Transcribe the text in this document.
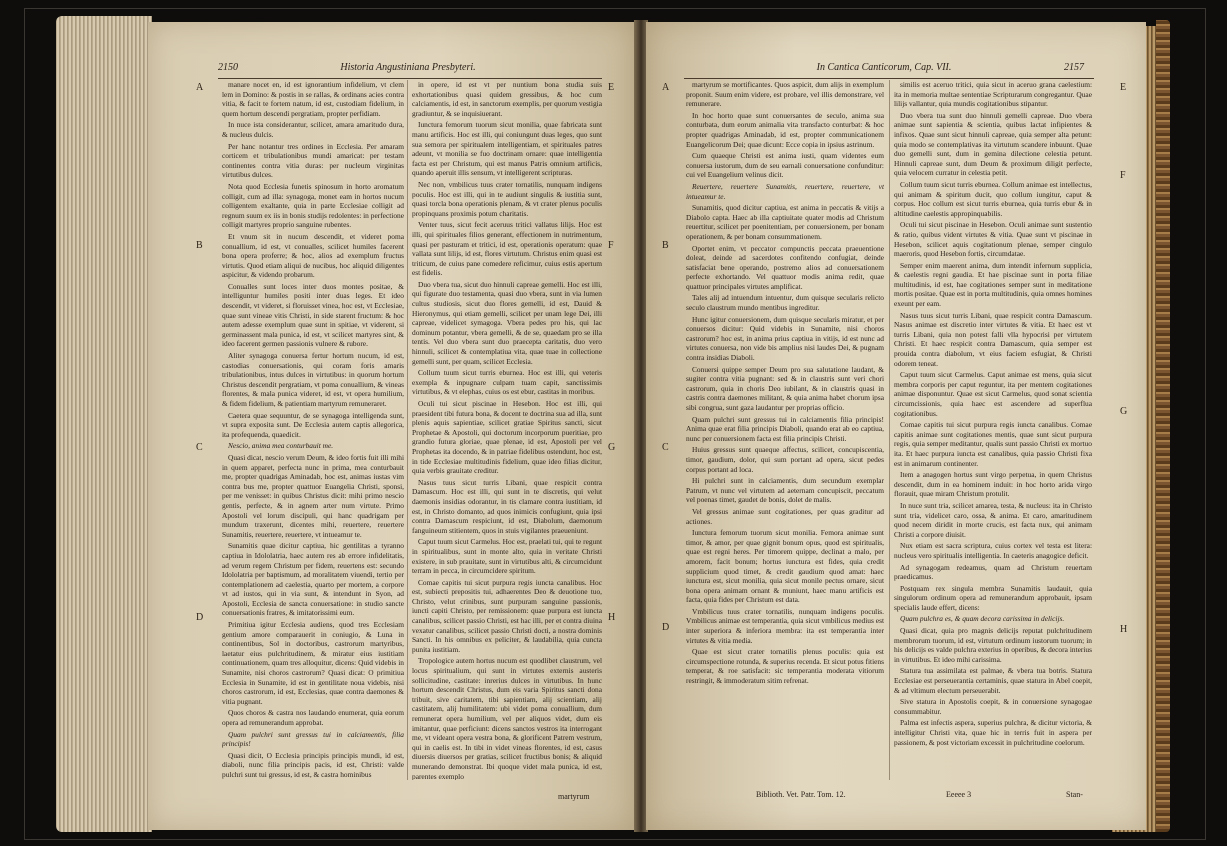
2150	Historia Angustiniana Presbyteri.
A
B
C
D
E
F
G
H

manare nocet en, id est ignorantium infidelium, vt clem lem in Domino: & postis in se rallas, & ordinans acies contra vitia, & facit te fortem natum, id est, custodiam fidelium, in quem hortum descendi pergratiam, propter perfidiam.

In nuce ista considerantur, scilicet, amara amaritudo dura, & nucleus dulcis.

Per hanc notantur tres ordines in Ecclesia. Per amaram corticem et tribulationibus mundi amaricat: per testam continentes contra vitia duras: per nucleum virginitas virtutibus dulces.

Nota quod Ecclesia funetis spinosum in horto aromatum colligit, cum ad illa: synagoga, monet eam in hortos nucum colligentem exaltante, quia in parte Ecclesiae colligit ad regnum suum ex iis in bonis studijs redolentes: in perfectione colligit martyres proprio sanguine rubentes.

Et vnum sit in nucum descendit, et videret poma conuallium, id est, vt conualles, scilicet humiles facerent bona opera proferre; & hoc, alios ad exemplum fructus virtutis. Quod etiam aliqui de nucibus, hoc aliquid diligentes aspicitur, & videndo probarum.

Conualles sunt loces inter duos montes positae, & intelliguntur humiles positi inter duas leges. Et ideo descendit, vt videret, si floruisset vinea, hoc est, vt Ecclesiae, quae sunt vineae vitis Christi, in side starent fructum: & hoc autem adesse exemplum quae sunt in spitiae, vt viderent, si germinassent mala punica, id est, vt scilicet martyres sint, & ideo facerent germen passionis vulnere & rubore.

Aliter synagoga conuersa fertur hortum nucum, id est, castodias conuersationis, qui coram foris amaris tribulationibus, intus dulces in virtutibus: in quorum hortum Christus descendit pergratiam, vt poma conuallium, & vineas florentes, & mala punica videret, id est, vt opera humilium, & fidem fidelium, & patientiam martyrum remuneraret.

Caetera quae sequuntur, de se synagoga intelligenda sunt, vt supra exposita sunt. De Ecclesia autem captis allegorica, ita profequenda, quaedicit.

Nescio, anima mea conturbauit me.

Quasi dicat, nescio verum Deum, & ideo fortis fuit illi mihi in quem apparet, perfecta nunc in prima, mea conturbauit me, propter quadrigas Aminadab, hoc est, animas iustas vim contra bus me, propter quattuor Euangelia Christi, sponsi, per me venisset: in quibus Christus dicit: mihi primo nescio gentis, perfecte, & in agnem arter num virtute. Primo Apostoli vel lorum discipuli, qui hanc quadrigam per mundum traxerunt, dicentes mihi, reuertere, reuertere Sunamitis, reuertere, reuertere, vt intueamur te.

Sunamitis quae dicitur captiua, hic gentilitas a tyranno captiua in Idololatria, haec autem res ab errore infidelitatis, ad verum regem Christum per fidem, reuertens est: secundo Idololatria per baptismum, ad moralitatem viuendi, tertio per contemplationem ad caelestia, quarto per mortem, a corpore vt ad iustos, qui in via sunt, & intendunt in Syon, ad Apostoli, Ecclesia de sancta conuersatione: in studio sancte conuersationis fratres, & imitatorissimi eum.

Primitiua igitur Ecclesia audiens, quod tres Ecclesiam gentium amore comparauerit in coniugio, & Luna in continentibus, Sol in doctoribus, castrorum martyribus, laetatur eius pulchritudinem, & miratur eius iustitiam continuationem, quam tres alloquitur, dicens: Quid videbis in Sunamite, nisi choros castrorum? Quasi dicat: O primitiua Ecclesia in Sunamite, id est in gentilitate noua videbis, nisi choros castrorum, id est, Ecclesias, quae contra daemones & vitia pugnant.

Quos choros & castra nos laudando enumerat, quia eorum opera ad remunerandum approbat.

Quam pulchri sunt gressus tui in calciamentis, filia principis!

Quasi dicit, O Ecclesia principis principis mundi, id est, diaboli, nunc filia principis pacis, id est, Christi: valde pulchri sunt tui gressus, id est, & castra hominibus

in opere, id est vt per nuntium bona studia suis exhortationibus quasi quidem gressibus, & hoc cum calciamentis, id est, in sanctorum exemplis, per quorum vestigia gradiuntur, & se inquisiuerant.

Iunctura femorum tuorum sicut monilia, quae fabricata sunt manu artificis. Hoc est illi, qui coniungunt duas leges, quo sunt sua semora per spiritualem intelligentiam, et spirituales patres adeunt, vt monilia se fuo doctrinam ornare: quae intelligentia facta est per Christum, qui est manus Patris omnium artificis, quando aperuit illis sensum, vt intelligerent scripturas.

Nec non, vmbilicus tuus crater tornatilis, nunquam indigens poculis. Hoc est illi, qui in te audiunt singulis & iustitia sunt, quasi torcla bona operationis plenam, & vt crater plenus poculis propinquans proximis potum charitatis.

Venter tuus, sicut fecit aceruus tritici vallatus lilijs. Hoc est illi, qui spirituales filios generant, effectionem in nutrimentum, quasi per pasturam et tritici, id est, operationis operatum: quae vallata sunt lilijs, id est, flores virtutum. Christus enim quasi est triticum, de cuius pane comedere reficimur, cuius estis apertum est fidelis.

Duo vbera tua, sicut duo hinnuli capreae gemelli. Hoc est illi, qui figurate duo testamenta, quasi duo vbera, sunt in via lumen cultus studiosis, sicut duo flores gemelli, id est, Dauid & Hieronymus, qui etiam gemelli, scilicet per unam lege Dei, illi capreae, videlicet symagoga. Vbera pedes pro his, qui lac dominum potantur, vbera gemelli, & de se, quaedam pro se illa tentis. Vel duo vbera sunt duo praecepta caritatis, duo vero hinnuli, scilicet & contemplatiua vita, quae tuae in collectione gemelli sunt, per quam, scilicet Ecclesia.

Collum tuum sicut turris eburnea. Hoc est illi, qui veteris exempla & inpugnare culpam tuam capit, sanctissimis virtutibus, & vt elephas, cuius os est ebur, castitas in moribus.

Oculi tui sicut piscinae in Hesebon. Hoc est illi, qui praesident tibi futura bona, & docent te doctrina sua ad illa, sunt plenis aquis sapientiae, scilicet gratiae Spiritus sancti, sicut Prophetae & Apostoli, qui doctorum incorporum pueritiae, pro grandio futura gloriae, quae plenae, id est, Apostoli per vel Prophetas ita docendo, & in patriae fidelibus ostendunt, hoc est, in tide Ecclesiae multitudinis fidelium, quae ideo filias dicitur, quia verbis grauitate creditur.

Nasus tuus sicut turris Libani, quae respicit contra Damascum. Hoc est illi, qui sunt in te discretis, qui velut daemonis insidias odorantur, in tis clamare contra iustitiam, id est, in Christo domanto, ad quos inimicis confugiunt, quia ipsi contra Damascum respiciunt, id est, Diabolum, daemonum fanguineum stitientem, quos in stuis vigilantes praeueniunt.

Caput tuum sicut Carmelus. Hoc est, praelati tui, qui te regunt in spiritualibus, sunt in monte alto, quia in veritate Christi existere, in sub prauitate, sunt in virtutibus alti, & circumcidunt terram in pecca, in circumcidere spiritum.

Comae capitis tui sicut purpura regis iuncta canalibus. Hoc est, subiecti prepositis tui, adhaerentes Deo & deuotione tuo, Christo, velut crinibus, sunt purpuram sanguine passionis, iuncti capiti Christo, per remissionem: quae purpura est iuncta canalibus, scilicet passio Christi, est hac illi, per et contra diuina vexatur canalibus, scilicet passio Christi docti, a nostra dominis Sancti. In his omnibus ex peliciter, & laudabilia, quia cuncta punita iustitiam.

Tropologice autem hortus nucum est quodlibet claustrum, vel locus spiritualium, qui sunt in virtutes externis austeris sollicitudine, castitate: inrerius dulces in virtutibus. In hunc hortum descendit Christus, dum eis varia Spiritus sancti dona tribuit, sive caritatem, tibi sapientiam, alij scientiam, alij castitatem, alij humilitatem: ubi videt poma conuallium, dum remunerat opera humilium, vel per aliquos videt, dum eis imitantur, quae perficiunt: dicens sanctos vestros ita interrogant me, vt videant opera vestra bona, & glorificent Patrem vestrum, qui in caelis est. In tibi in videt vineas florentes, id est, casus diuersis diuersos per gratias, scilicet fructibus bonis; & aliquid munerando demonstrat. Ibi quoque videt mala punica, id est, parentes exemplo

martyrum
In Cantica Canticorum, Cap. VII.	2157
A
B
C
D
E
F
G
H

martyrum se mortificantes. Quos aspicit, dum alijs in exemplum proponit. Suum enim videre, est probare, vel illis demonstrare, vel remunerare.

In hoc horto quae sunt conuersantes de seculo, anima sua conturbata, dum eorum animalia vita transfacto conturbat: & hoc propter quadrigas Aminadab, id est, propter communicationem Euangelicorum Dei; quae dicunt: Ecce copia in ipsius astrinum.

Cum quaeque Christi est anima iusti, quam videntes eum conuersa iustorum, dum de seu earnali conuersatione confunditur: cui vel Euangelium velinus dicit.

Reuertere, reuertere Sunamitis, reuertere, reuertere, vt intueamur te.

Sunamitis, quod dicitur captiua, est anima in peccatis & vitijs a Diabolo capta. Haec ab illa captiuitate quater modis ad Christum reuertitur, scilicet per poenitentiam, per conuersionem, per bonam operationem, & per bonam consummationem.

Oportet enim, vt peccator compunctis peccata praeuentione doleat, deinde ad sacerdotes confitendo confugiat, deinde satisfaciat bene operando, postremo alios ad conuersationem perfecte exhortando. Vel quattuor modis anima redit, quae quattuor principales virtutes amplificat.

Tales alij ad intuendum intuentur, dum quisque secularis relicto seculo claustrum mundo mentibus ingreditur.

Hunc igitur conuersionem, dum quisque secularis miratur, et per conuersos dicitur: Quid videbis in Sunamite, nisi choros castrorum? hoc est, in anima prius captiua in vitijs, id est nunc ad virtutes conuersa, non vide bis amplius nisi laudes Dei, & pugnam contra insidias Diaboli.

Conuersi quippe semper Deum pro sua salutatione laudant, & sugiter contra vitia pugnant: sed & in claustris sunt veri chori castrorum, quia in choris Deo iubilant, & in claustris quasi in castris contra daemones militant, & quia anima habet chorum ipsa sibi congrua, sunt gaza laudantur per proprias officio.

Quam pulchri sunt gressus tui in calciamentis filia principis! Anima quae erat filia principis Diaboli, quando erat ab eo captiua, nunc per conuersionem facta est filia principis Christi.

Huius gressus sunt quaeque affectus, scilicet, concupiscentia, timor, gaudium, dolor, qui sum portant ad opera, sicut pedes corpus portant ad loca.

Hi pulchri sunt in calciamentis, dum secundum exemplar Patrum, vt nunc vel virtutem ad aeternam concupiscit, peccatum vel poenas timet, gaudet de bonis, dolet de malis.

Vel gressus animae sunt cogitationes, per quas graditur ad actiones.

Iunctura femorum tuorum sicut monilia. Femora animae sunt timor, & amor, per quae gignit bonum opus, quod est spiritualis, quae est regni heres. Per timorem quippe, declinat a malo, per amorem, facit bonum; hortus iunctura est fides, quia credit supplicium quod timet, & credit gaudium quod amat: haec iunctura est, sicut monilia, quia sicut monile pectus ornare, sicut bona opera animam ornant & muniunt, haec manu artificis est facta, quia fides per Christum est data.

Vmbilicus tuus crater tornatilis, nunquam indigens poculis. Vmbilicus animae est temperantia, quia sicut vmbilicus medius est inter superiora & inferiora membra: ita est temperantia inter virtutes & vitia media.

Quae est sicut crater tornatilis plenus poculis: quia est circumspectione rotunda, & superius recenda. Et sicut potus fitiens temperat, & roe satisfacit: sic temperantia moderata vitiorum restringit, & immoderatum sitim refrenat.

similis est aceruo tritici, quia sicut in aceruo grana caelestium: ita in memoria multae sententiae Scripturarum congregantur. Quae lilijs vallantur, quia mundis cogitationibus stipantur.

Duo vbera tua sunt duo hinnuli gemelli capreae. Duo vbera animae sunt sapientia & scientia, quibus lactat infipientes & infixos. Quae sunt sicut hinnuli capreae, quia semper alta petunt: quia modo se contemplativas ita virtutum scandere inbuunt. Quae duo gemelli sunt, dum in gemina dilectione celestia petunt. Hinnuli capreae sunt, dum Deum & proximum diligit perfecte, quia velocem curratur in celestia petit.

Collum tuum sicut turris eburnea. Collum animae est intellectus, qui animam & spiritum ducit, quo collum iungitur, caput & corpus. Hoc collum est sicut turris eburnea, quia turris ebur & in altitudine caelestis appropinquabilis.

Oculi tui sicut piscinae in Hesebon. Oculi animae sunt sustentio & ratio, quibus vident virtutes & vitia. Quae sunt vt piscinae in Hesebon, scilicet aquis cogitationum plenae, semper cingulo maeroris, quod Hesebon fortis, circumdatae.

Semper enim maerent anima, dum intendit infernum supplicia, & caelestis regni gaudia. Et hae piscinae sunt in porta filiae multitudinis, id est, hae cogitationes semper sunt in meditatione mortis positae. Quae est in porta multitudinis, quia omnes homines exeunt per eam.

Nasus tuus sicut turris Libani, quae respicit contra Damascum. Nasus animae est discretio inter virtutes & vitia. Et haec est vt turris Libani, quia non potest falli vlla hypocrisi per virtutem Christi. Et haec respicit contra Damascum, quia semper est prouida contra diabolum, vt eius faciem esfugiat, & Christi odorem teneat.

Caput tuum sicut Carmelus. Caput animae est mens, quia sicut membra corporis per caput reguntur, ita per mentem cogitationes animae disponuntur. Quae est sicut Carmelus, quod sonat scientia circumcissionis, quia haec est ascendere ad superflua cogitationibus.

Comae capitis tui sicut purpura regis iuncta canalibus. Comae capitis animae sunt cogitationes mentis, quae sunt sicut purpura regis, quia semper meditantur, qualis sunt passio Christi ex mortuo ita. Et haec purpura iuncta est canalibus, quia passio Christi fixa est in animarum continenter.

Item a anagogen hortus sunt virgo perpetua, in quem Christus descendit, dum in ea hominem induit: in hoc horto arida virgo florauit, quae miram Christum protulit.

In nuce sunt tria, scilicet amarea, testa, & nucleus: ita in Christo sunt tria, videlicet caro, ossa, & anima. Et caro, amaritudinem quod necem diridit in morte crucis, est facta nux, qui animam Christi a corpore diuisit.

Nux etiam est sacra scriptura, cuius cortex vel testa est litera: nucleus vero spiritualis intelligentia. In caeteris anagogice deficit.

Ad synagogam redeamus, quam ad Christum reuertam praedicamus.

Postquam rex singula membra Sunamitis laudauit, quia singulorum ordinum opera ad remunerandum approbauit, ipsam specialis laude effert, dicens:

Quam pulchra es, & quam decora carissima in delicijs.

Quasi dicat, quia pro magnis delicijs reputat pulchritudinem membrorum tuorum, id est, virtutum ordinum iustorum tuorum; in his delicijs es valde pulchra exterius in operibus, & decora interius in virtutibus. Et ideo mihi carissima.

Statura tua assimilata est palmae, & vbera tua botris. Statura Ecclesiae est perseuerantia certaminis, quae statura in Abel coepit, & ad vltimum electum perseuerabit.

Sive statura in Apostolis coepit, & in conuersione synagogae consummabitur.

Palma est infectis aspera, superius pulchra, & dicitur victoria, & intelligitur Christi vita, quae hic in terris fuit in aspera per passionem, & post victoriam excessit in pulchritudine coelorum.

Biblioth. Vet. Patr. Tom. 12.	Eeeee 3	Stan-
